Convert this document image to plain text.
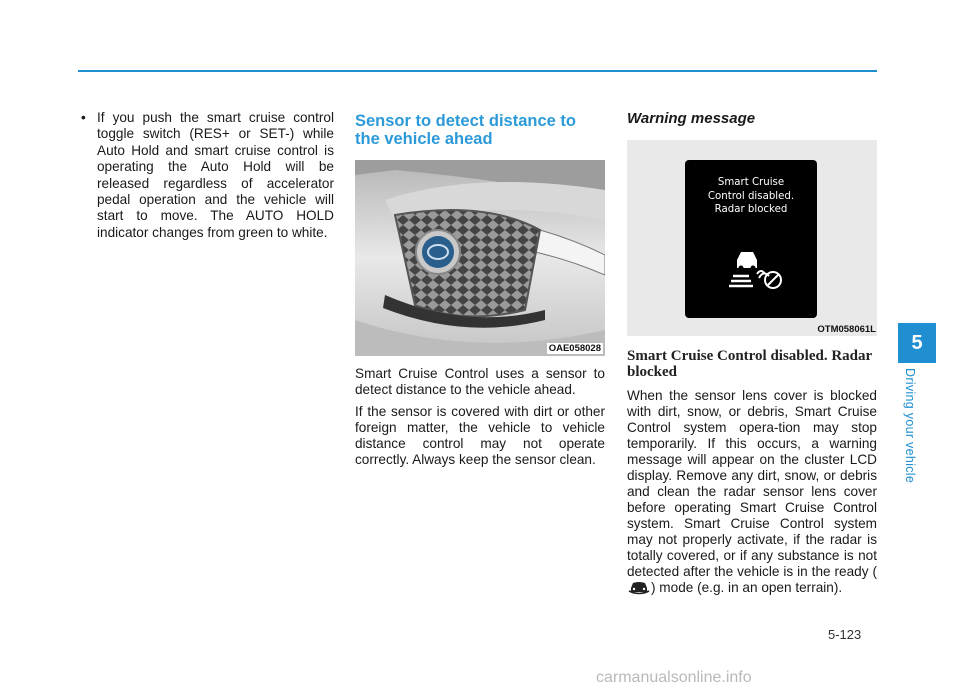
• If you push the smart cruise control toggle switch (RES+ or SET-) while Auto Hold and smart cruise control is operating the Auto Hold will be released regardless of accelerator pedal operation and the vehicle will start to move. The AUTO HOLD indicator changes from green to white.
Sensor to detect distance to the vehicle ahead
OAE058028

Smart Cruise Control uses a sensor to detect distance to the vehicle ahead.

If the sensor is covered with dirt or other foreign matter, the vehicle to vehicle distance control may not operate correctly. Always keep the sensor clean.

Warning message
Smart Cruise
Control disabled.
Radar blocked
OTM058061L
Smart Cruise Control disabled. Radar blocked

When the sensor lens cover is blocked with dirt, snow, or debris, Smart Cruise Control system opera-tion may stop temporarily. If this occurs, a warning message will appear on the cluster LCD display. Remove any dirt, snow, or debris and clean the radar sensor lens cover before operating Smart Cruise Control system. Smart Cruise Control system may not properly activate, if the radar is totally covered, or if any substance is not detected after the vehicle is in the ready () mode (e.g. in an open terrain).

5
Driving your vehicle
5-123
carmanualsonline.info
